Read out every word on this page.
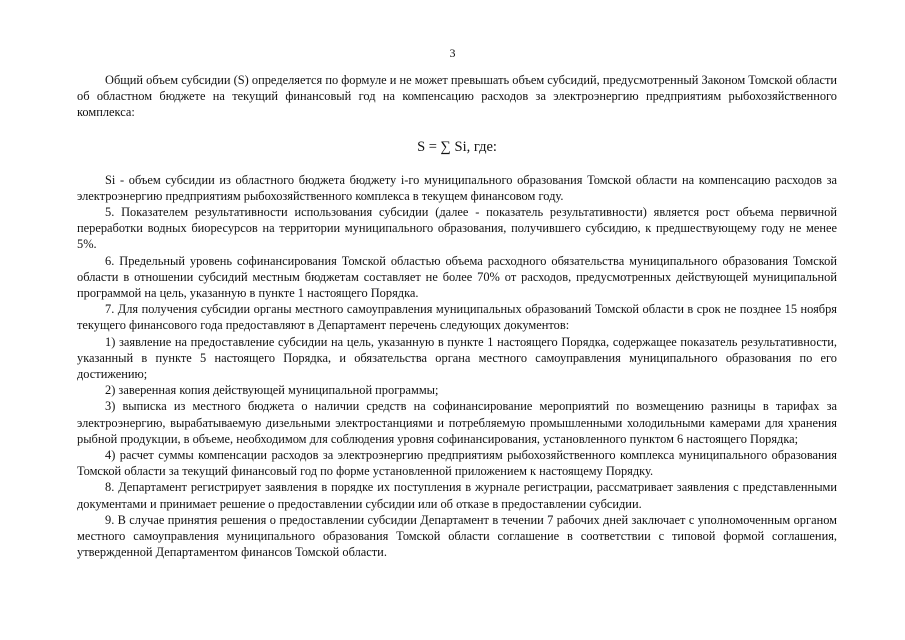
3

Общий объем субсидии (S) определяется по формуле и не может превышать объем субсидий, предусмотренный Законом Томской области об областном бюджете на текущий финансовый год на компенсацию расходов за электроэнергию предприятиям рыбохозяйственного комплекса:

S = ∑ Si, где:

Si - объем субсидии из областного бюджета бюджету i-го муниципального образования Томской области на компенсацию расходов за электроэнергию предприятиям рыбохозяйственного комплекса в текущем финансовом году.

5. Показателем результативности использования субсидии (далее - показатель результативности) является рост объема первичной переработки водных биоресурсов на территории муниципального образования, получившего субсидию, к предшествующему году не менее 5%.

6. Предельный уровень софинансирования Томской областью объема расходного обязательства муниципального образования Томской области в отношении субсидий местным бюджетам составляет не более 70% от расходов, предусмотренных действующей муниципальной программой на цель, указанную в пункте 1 настоящего Порядка.

7. Для получения субсидии органы местного самоуправления муниципальных образований Томской области в срок не позднее 15 ноября текущего финансового года предоставляют в Департамент перечень следующих документов:

1) заявление на предоставление субсидии на цель, указанную в пункте 1 настоящего Порядка, содержащее показатель результативности, указанный в пункте 5 настоящего Порядка, и обязательства органа местного самоуправления муниципального образования по его достижению;

2) заверенная копия действующей муниципальной программы;

3) выписка из местного бюджета о наличии средств на софинансирование мероприятий по возмещению разницы в тарифах за электроэнергию, вырабатываемую дизельными электростанциями и потребляемую промышленными холодильными камерами для хранения рыбной продукции, в объеме, необходимом для соблюдения уровня софинансирования, установленного пунктом 6 настоящего Порядка;

4) расчет суммы компенсации расходов за электроэнергию предприятиям рыбохозяйственного комплекса муниципального образования Томской области за текущий финансовый год по форме установленной приложением к настоящему Порядку.

8. Департамент регистрирует заявления в порядке их поступления в журнале регистрации, рассматривает заявления с представленными документами и принимает решение о предоставлении субсидии или об отказе в предоставлении субсидии.

9. В случае принятия решения о предоставлении субсидии Департамент в течении 7 рабочих дней заключает с уполномоченным органом местного самоуправления муниципального образования Томской области соглашение в соответствии с типовой формой соглашения, утвержденной Департаментом финансов Томской области.
